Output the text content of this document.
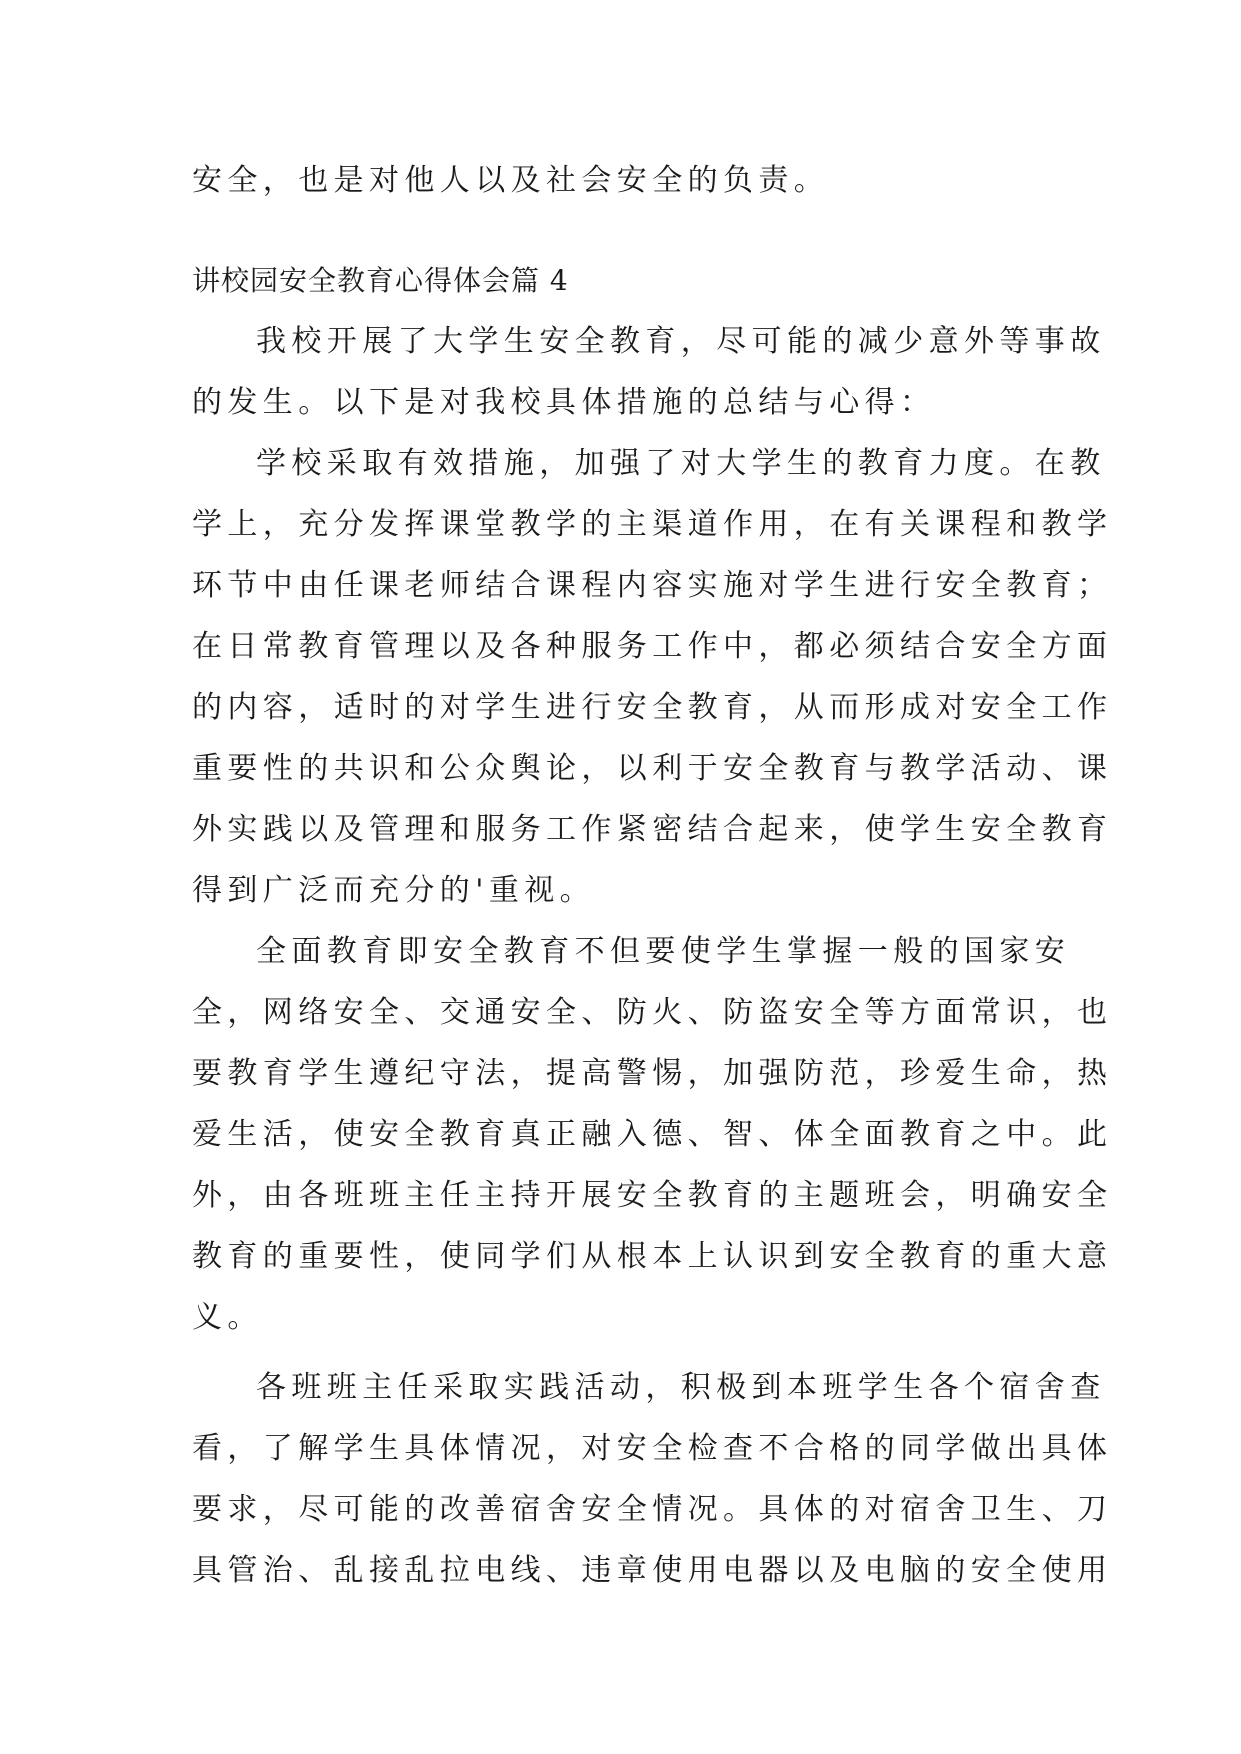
安全，也是对他人以及社会安全的负责。

讲校园安全教育心得体会篇 4

我校开展了大学生安全教育，尽可能的减少意外等事故

的发生。以下是对我校具体措施的总结与心得：

学校采取有效措施，加强了对大学生的教育力度。在教

学上，充分发挥课堂教学的主渠道作用，在有关课程和教学

环节中由任课老师结合课程内容实施对学生进行安全教育；

在日常教育管理以及各种服务工作中，都必须结合安全方面

的内容，适时的对学生进行安全教育，从而形成对安全工作

重要性的共识和公众舆论，以利于安全教育与教学活动、课

外实践以及管理和服务工作紧密结合起来，使学生安全教育

得到广泛而充分的'重视。

全面教育即安全教育不但要使学生掌握一般的国家安

全，网络安全、交通安全、防火、防盗安全等方面常识，也

要教育学生遵纪守法，提高警惕，加强防范，珍爱生命，热

爱生活，使安全教育真正融入德、智、体全面教育之中。此

外，由各班班主任主持开展安全教育的主题班会，明确安全

教育的重要性，使同学们从根本上认识到安全教育的重大意

义。

各班班主任采取实践活动，积极到本班学生各个宿舍查

看，了解学生具体情况，对安全检查不合格的同学做出具体

要求，尽可能的改善宿舍安全情况。具体的对宿舍卫生、刀

具管治、乱接乱拉电线、违章使用电器以及电脑的安全使用
